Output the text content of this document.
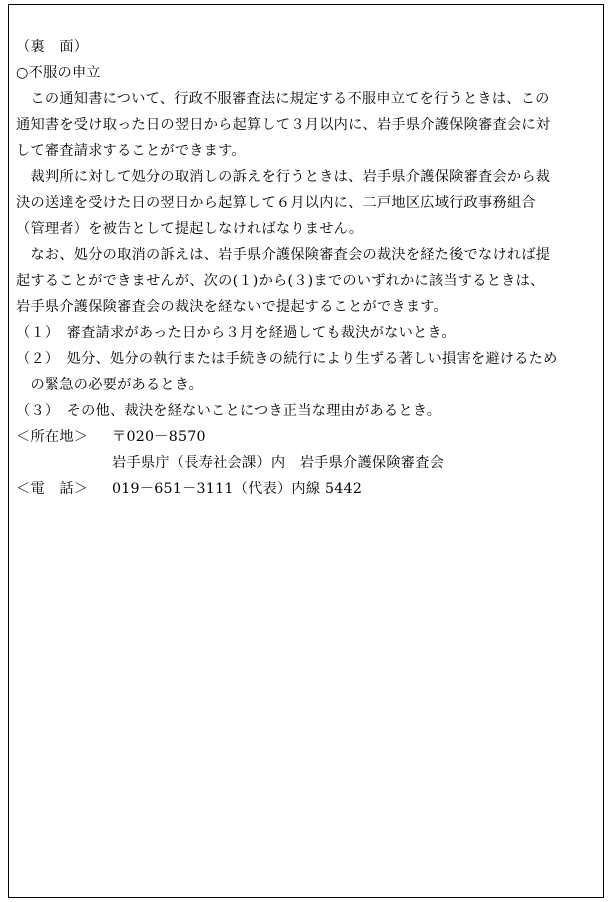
（裏　面）
○不服の申立
　この通知書について、行政不服審査法に規定する不服申立てを行うときは、この
通知書を受け取った日の翌日から起算して３月以内に、岩手県介護保険審査会に対
して審査請求することができます。
　裁判所に対して処分の取消しの訴えを行うときは、岩手県介護保険審査会から裁
決の送達を受けた日の翌日から起算して６月以内に、二戸地区広域行政事務組合
（管理者）を被告として提起しなければなりません。
　なお、処分の取消の訴えは、岩手県介護保険審査会の裁決を経た後でなければ提
起することができませんが、次の(１)から(３)までのいずれかに該当するときは、
岩手県介護保険審査会の裁決を経ないで提起することができます。
（１）　審査請求があった日から３月を経過しても裁決がないとき。
（２）　処分、処分の執行または手続きの続行により生ずる著しい損害を避けるため
　の緊急の必要があるとき。
（３）　その他、裁決を経ないことにつき正当な理由があるとき。
＜所在地＞	〒020－8570
岩手県庁（長寿社会課）内　岩手県介護保険審査会
＜電　話＞	019－651－3111（代表）内線 5442
